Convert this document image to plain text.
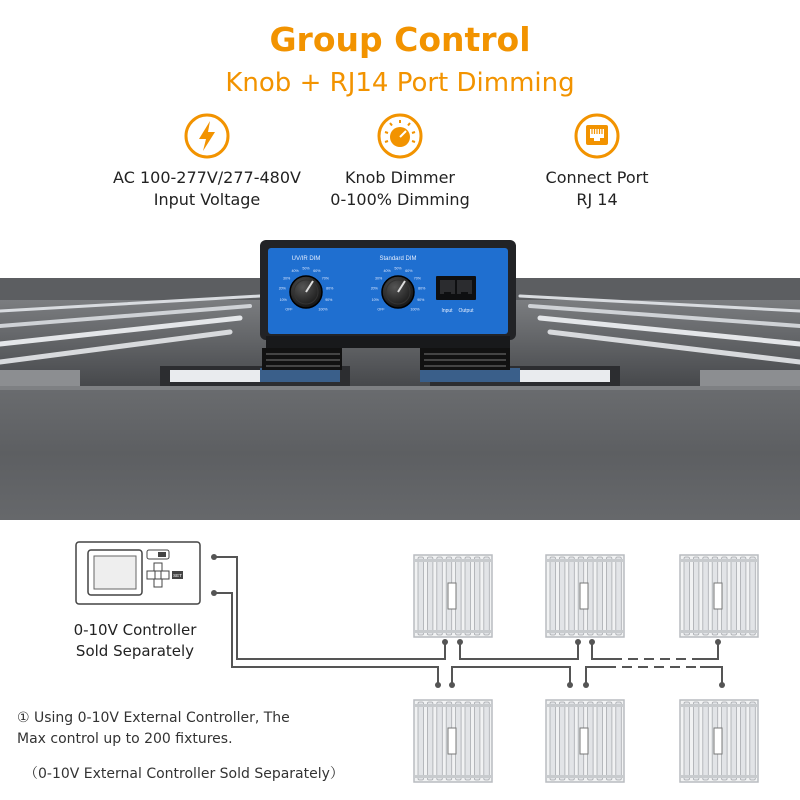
Group Control
Knob + RJ14 Port Dimming
AC 100-277V/277-480V
Input Voltage
Knob Dimmer
0-100% Dimming
Connect Port
RJ 14
UV/IR DIM	Standard DIM
OFF
10%
20%
30%
40%
50%
60%
70%
80%
90%
100%	OFF
10%
20%
30%
40%
50%
60%
70%
80%
90%
100%	Input Output
SET
0-10V Controller
Sold Separately
① Using 0-10V External Controller, The Max control up to 200 fixtures.
（0-10V External Controller Sold Separately）
